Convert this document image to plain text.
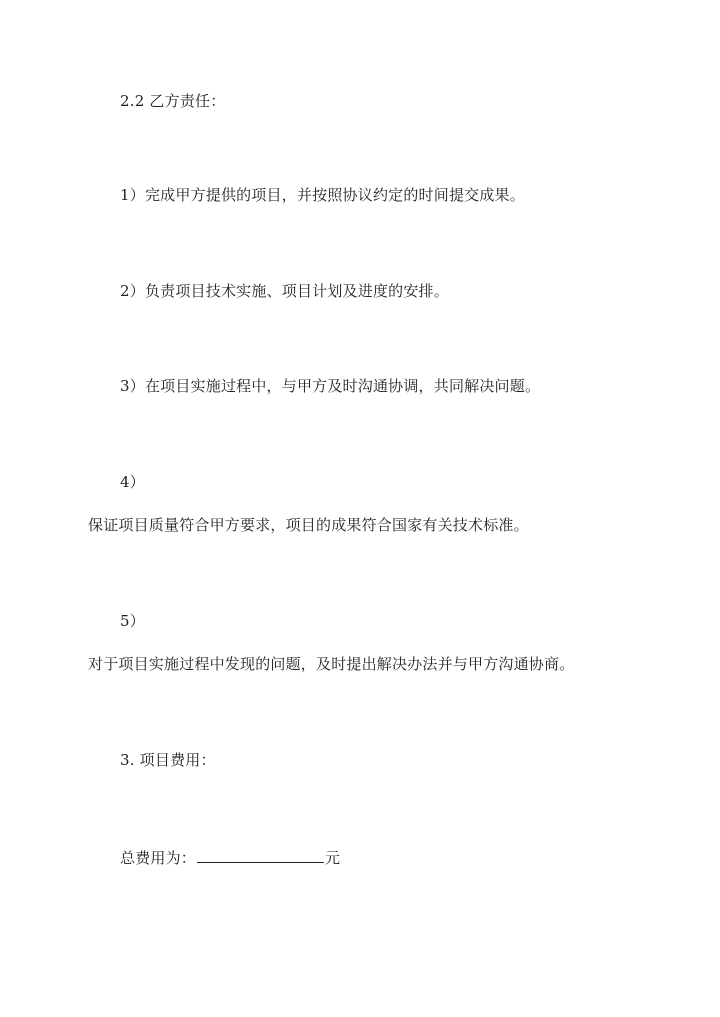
2.2 乙方责任：
1）完成甲方提供的项目，并按照协议约定的时间提交成果。
2）负责项目技术实施、项目计划及进度的安排。
3）在项目实施过程中，与甲方及时沟通协调，共同解决问题。
4）
保证项目质量符合甲方要求，项目的成果符合国家有关技术标准。
5）
对于项目实施过程中发现的问题，及时提出解决办法并与甲方沟通协商。
3. 项目费用：
总费用为：	元
